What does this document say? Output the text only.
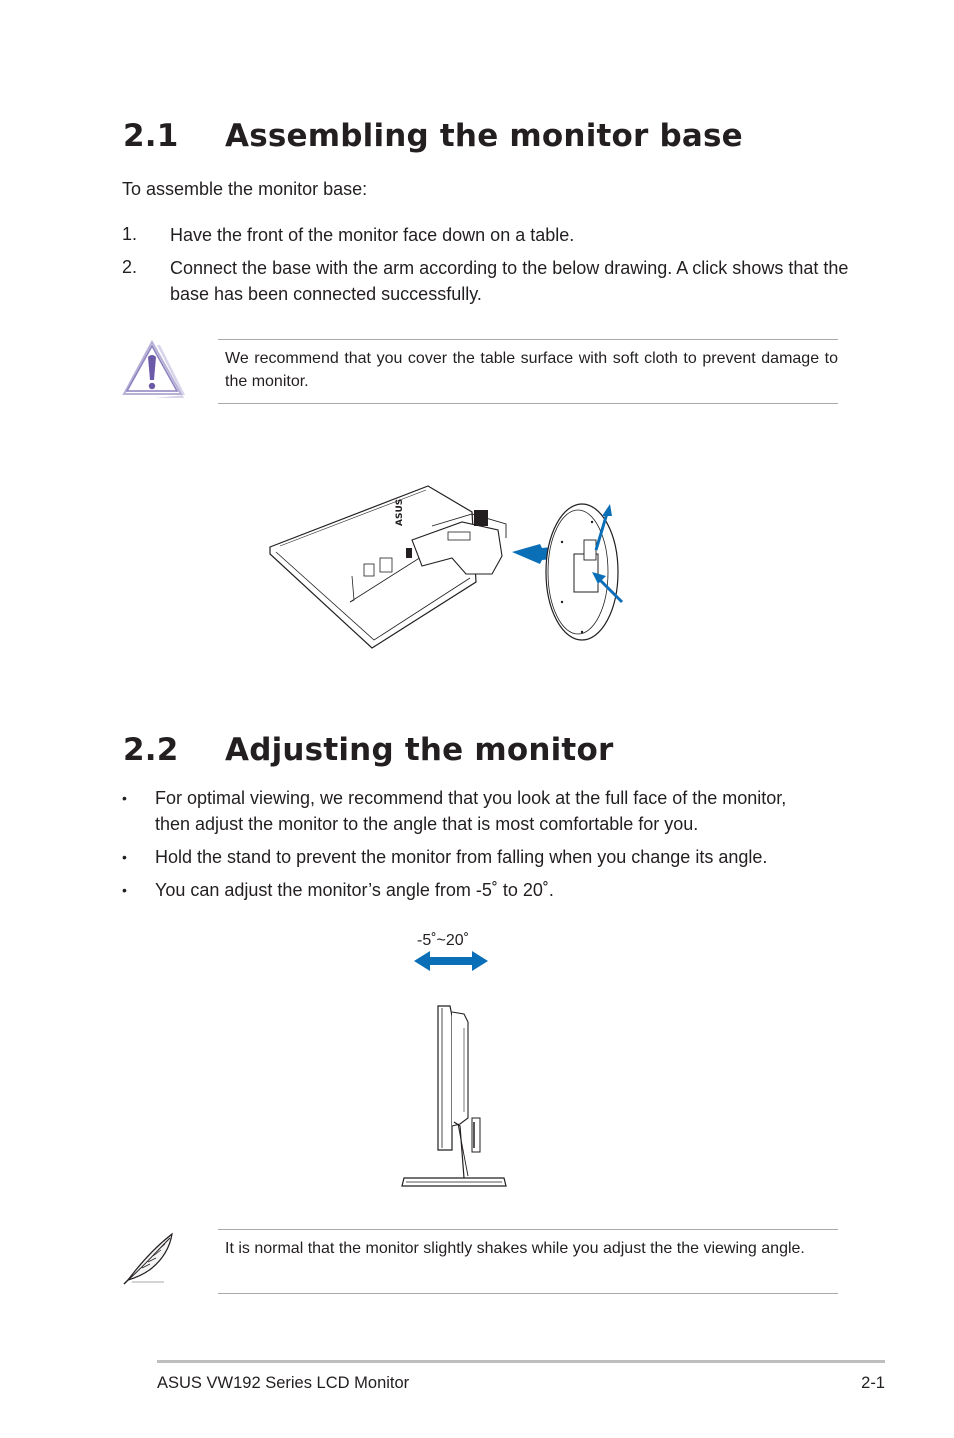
2.1 Assembling the monitor base
To assemble the monitor base:
1. Have the front of the monitor face down on a table.
2. Connect the base with the arm according to the below drawing. A click shows that the base has been connected successfully.
We recommend that you cover the table surface with soft cloth to prevent damage to the monitor.
ASUS
2.2 Adjusting the monitor
• For optimal viewing, we recommend that you look at the full face of the monitor, then adjust the monitor to the angle that is most comfortable for you.
• Hold the stand to prevent the monitor from falling when you change its angle.
• You can adjust the monitor’s angle from -5˚ to 20˚.
-5˚~20˚
It is normal that the monitor slightly shakes while you adjust the the viewing angle.
ASUS VW192 Series LCD Monitor	2-1
